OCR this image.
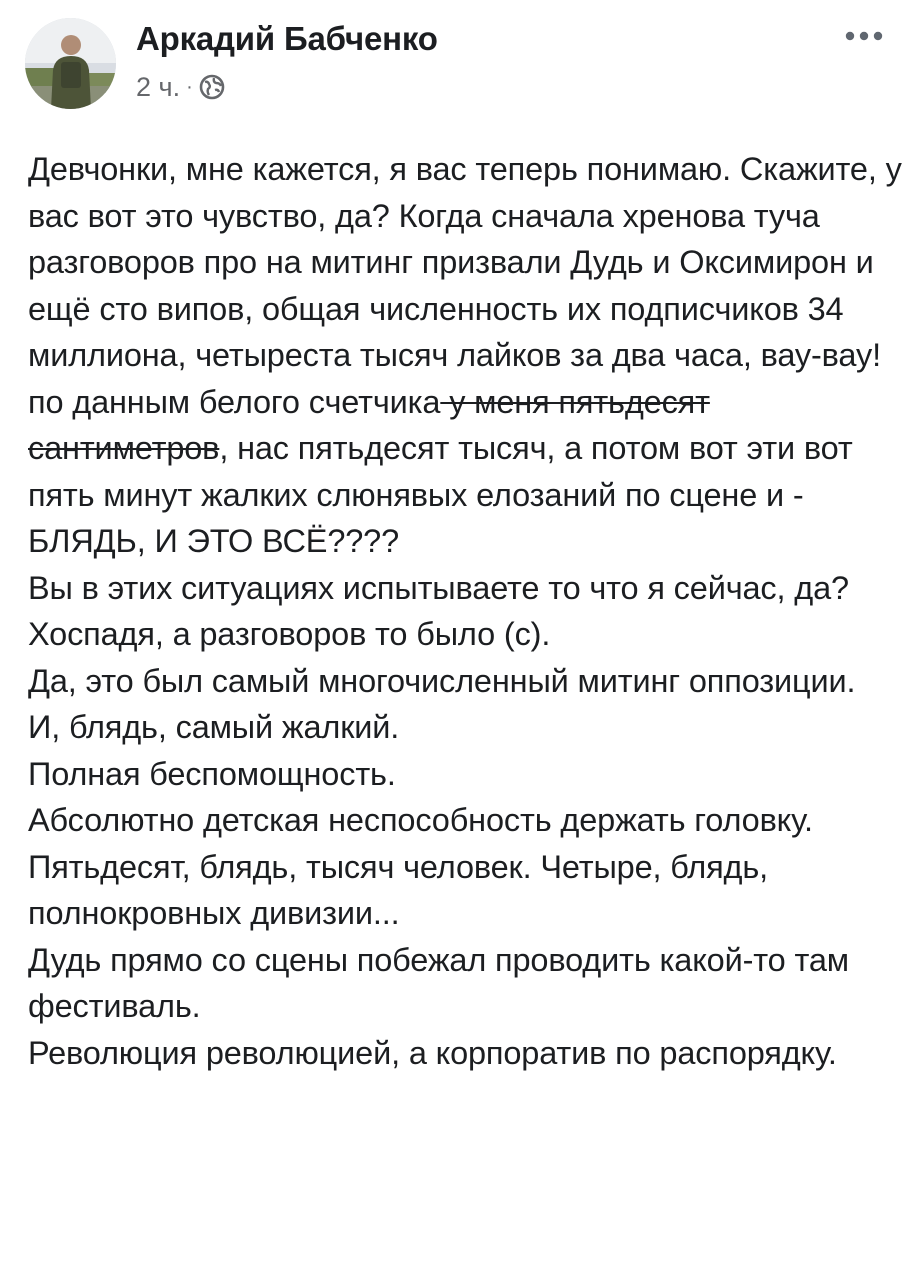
Аркадий Бабченко
2 ч. ·

Девчонки, мне кажется, я вас теперь понимаю. Скажите, у вас вот это чувство, да? Когда сначала хренова туча разговоров про на митинг призвали Дудь и Оксимирон и ещё сто випов, общая численность их подписчиков 34 миллиона, четыреста тысяч лайков за два часа, вау-вау! по данным белого счетчика у меня пятьдесят сантиметров, нас пятьдесят тысяч, а потом вот эти вот пять минут жалких слюнявых елозаний по сцене и - БЛЯДЬ, И ЭТО ВСЁ????

Вы в этих ситуациях испытываете то что я сейчас, да?

Хоспадя, а разговоров то было (с).

Да, это был самый многочисленный митинг оппозиции.

И, блядь, самый жалкий.

Полная беспомощность.

Абсолютно детская неспособность держать головку.

Пятьдесят, блядь, тысяч человек. Четыре, блядь, полнокровных дивизии...

Дудь прямо со сцены побежал проводить какой-то там фестиваль.

Революция революцией, а корпоратив по распорядку.
